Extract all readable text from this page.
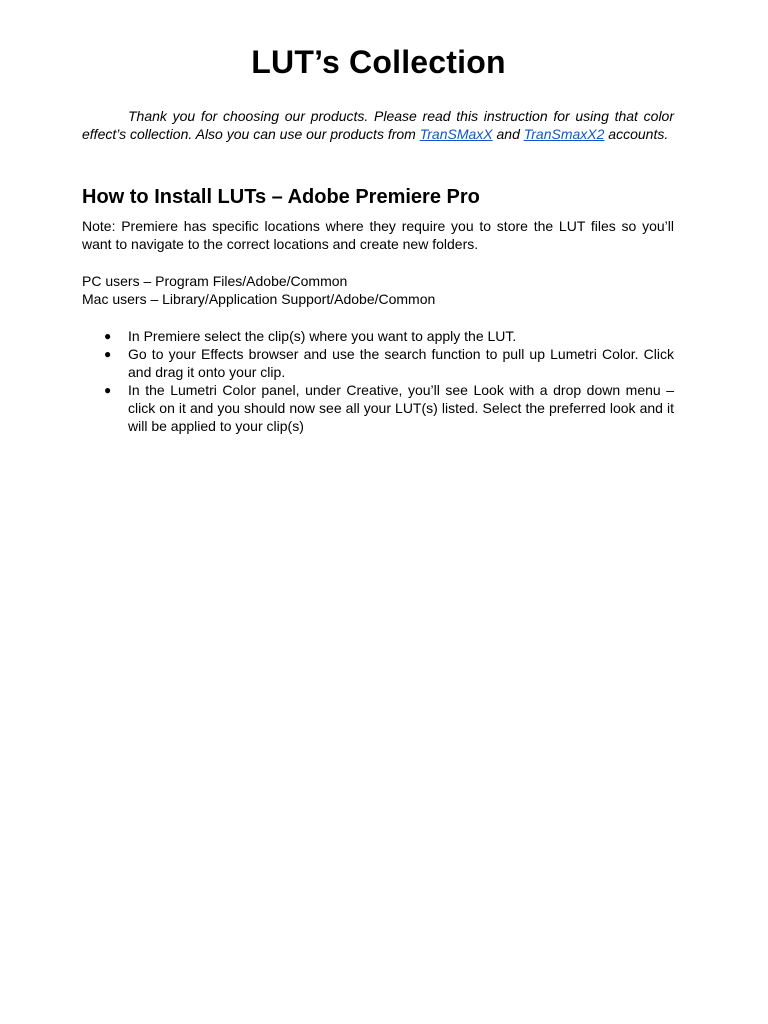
LUT’s Collection

Thank you for choosing our products. Please read this instruction for using that color effect’s collection. Also you can use our products from TranSMaxX and TranSmaxX2 accounts.

How to Install LUTs – Adobe Premiere Pro

Note: Premiere has specific locations where they require you to store the LUT files so you’ll want to navigate to the correct locations and create new folders.

PC users – Program Files/Adobe/Common
Mac users – Library/Application Support/Adobe/Common
● In Premiere select the clip(s) where you want to apply the LUT.
● Go to your Effects browser and use the search function to pull up Lumetri Color. Click and drag it onto your clip.
● In the Lumetri Color panel, under Creative, you’ll see Look with a drop down menu – click on it and you should now see all your LUT(s) listed. Select the preferred look and it will be applied to your clip(s)
